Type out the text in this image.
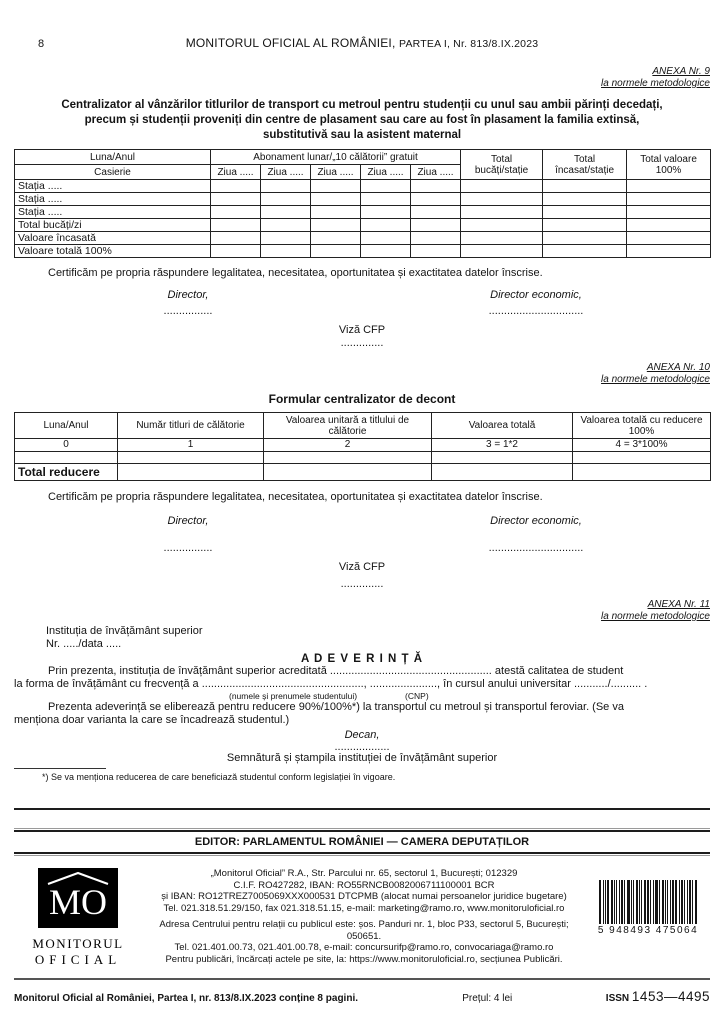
8	MONITORUL OFICIAL AL ROMÂNIEI, PARTEA I, Nr. 813/8.IX.2023
ANEXA Nr. 9
la normele metodologice
Centralizator al vânzărilor titlurilor de transport cu metroul pentru studenții cu unul sau ambii părinți decedați,
precum și studenții proveniți din centre de plasament sau care au fost în plasament la familia extinsă,
substitutivă sau la asistent maternal
Luna/Anul	Abonament lunar/„10 călătorii” gratuit					Total bucăți/stație	Total încasat/stație	Total valoare 100%
Casierie	Ziua .....	Ziua .....	Ziua .....	Ziua .....	Ziua .....			
Stația .....								
Stația .....								
Stația .....								
Total bucăți/zi								
Valoare încasată								
Valoare totală 100%								
Certificăm pe propria răspundere legalitatea, necesitatea, oportunitatea și exactitatea datelor înscrise.
Director,	Director economic,
................	...............................
Viză CFP
..............
ANEXA Nr. 10
la normele metodologice
Formular centralizator de decont
Luna/Anul	Număr titluri de călătorie	Valoarea unitară a titlului de călătorie	Valoarea totală	Valoarea totală cu reducere 100%
0	1	2	3 = 1*2	4 = 3*100%

Total reducere				
Certificăm pe propria răspundere legalitatea, necesitatea, oportunitatea și exactitatea datelor înscrise.
Director,	Director economic,
................	...............................
Viză CFP
..............
ANEXA Nr. 11
la normele metodologice
Instituția de învățământ superior
Nr. ...../data .....
A D E V E R I N Ț Ă
Prin prezenta, instituția de învățământ superior acreditată ..................................................... atestă calitatea de student
la forma de învățământ cu frecvență a ....................................................., ......................, în cursul anului universitar .........../.......... .
(numele și prenumele studentului)	(CNP)
Prezenta adeverință se eliberează pentru reducere 90%/100%*) la transportul cu metroul și transportul feroviar. (Se va
menționa doar varianta la care se încadrează studentul.)
Decan,
..................
Semnătură și ștampila instituției de învățământ superior
*) Se va menționa reducerea de care beneficiază studentul conform legislației în vigoare.
EDITOR: PARLAMENTUL ROMÂNIEI — CAMERA DEPUTAȚILOR
MO
MONITORUL
OFICIAL
„Monitorul Oficial” R.A., Str. Parcului nr. 65, sectorul 1, București; 012329
C.I.F. RO427282, IBAN: RO55RNCB0082006711100001 BCR
și IBAN: RO12TREZ7005069XXX000531 DTCPMB (alocat numai persoanelor juridice bugetare)
Tel. 021.318.51.29/150, fax 021.318.51.15, e-mail: marketing@ramo.ro, www.monitoruloficial.ro
Adresa Centrului pentru relații cu publicul este: șos. Panduri nr. 1, bloc P33, sectorul 5, București; 050651.
Tel. 021.401.00.73, 021.401.00.78, e-mail: concursurifp@ramo.ro, convocariaga@ramo.ro
Pentru publicări, încărcați actele pe site, la: https://www.monitoruloficial.ro, secțiunea Publicări.
5 948493 475064
Monitorul Oficial al României, Partea I, nr. 813/8.IX.2023 conține 8 pagini.	Prețul: 4 lei	ISSN 1453—4495
